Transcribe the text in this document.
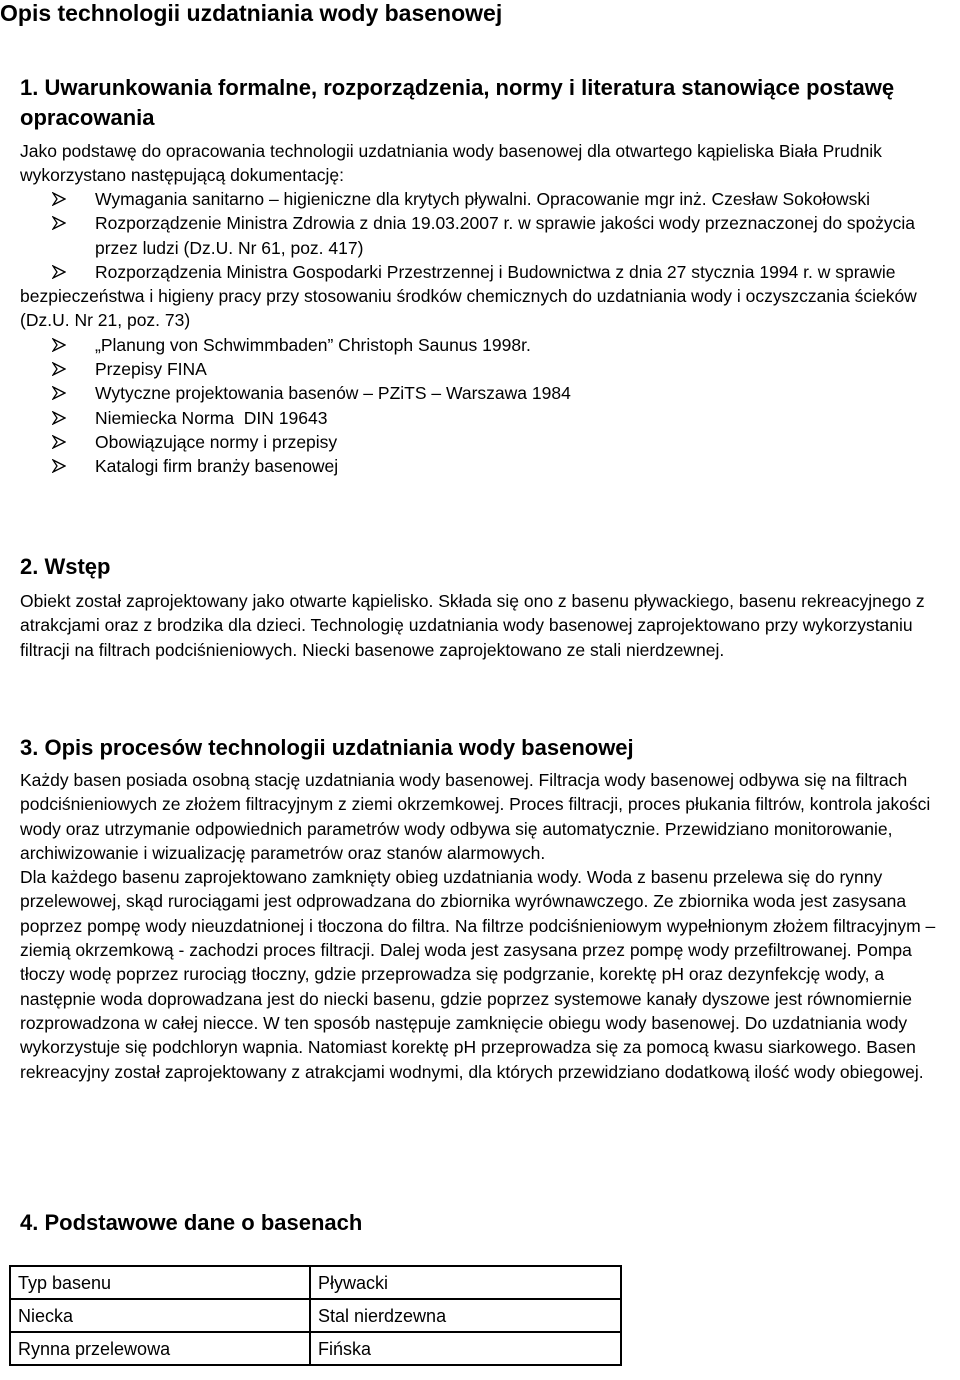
Opis technologii uzdatniania wody basenowej
1. Uwarunkowania formalne, rozporządzenia, normy i literatura stanowiące postawę opracowania

Jako podstawę do opracowania technologii uzdatniania wody basenowej dla otwartego kąpieliska Biała Prudnik wykorzystano następującą dokumentację:

Wymagania sanitarno – higieniczne dla krytych pływalni. Opracowanie mgr inż. Czesław Sokołowski
Rozporządzenie Ministra Zdrowia z dnia 19.03.2007 r. w sprawie jakości wody przeznaczonej do spożycia przez ludzi (Dz.U. Nr 61, poz. 417)
Rozporządzenia Ministra Gospodarki Przestrzennej i Budownictwa z dnia 27 stycznia 1994 r. w sprawie bezpieczeństwa i higieny pracy przy stosowaniu środków chemicznych do uzdatniania wody i oczyszczania ścieków (Dz.U. Nr 21, poz. 73)
„Planung von Schwimmbaden” Christoph Saunus 1998r.
Przepisy FINA
Wytyczne projektowania basenów – PZiTS – Warszawa 1984
Niemiecka Norma  DIN 19643
Obowiązujące normy i przepisy
Katalogi firm branży basenowej
2. Wstęp

Obiekt został zaprojektowany jako otwarte kąpielisko. Składa się ono z basenu pływackiego, basenu rekreacyjnego z atrakcjami oraz z brodzika dla dzieci. Technologię uzdatniania wody basenowej zaprojektowano przy wykorzystaniu filtracji na filtrach podciśnieniowych. Niecki basenowe zaprojektowano ze stali nierdzewnej.

3. Opis procesów technologii uzdatniania wody basenowej

Każdy basen posiada osobną stację uzdatniania wody basenowej. Filtracja wody basenowej odbywa się na filtrach podciśnieniowych ze złożem filtracyjnym z ziemi okrzemkowej. Proces filtracji, proces płukania filtrów, kontrola jakości wody oraz utrzymanie odpowiednich parametrów wody odbywa się automatycznie. Przewidziano monitorowanie, archiwizowanie i wizualizację parametrów oraz stanów alarmowych.

Dla każdego basenu zaprojektowano zamknięty obieg uzdatniania wody. Woda z basenu przelewa się do rynny przelewowej, skąd rurociągami jest odprowadzana do zbiornika wyrównawczego. Ze zbiornika woda jest zasysana poprzez pompę wody nieuzdatnionej i tłoczona do filtra. Na filtrze podciśnieniowym wypełnionym złożem filtracyjnym – ziemią okrzemkową - zachodzi proces filtracji. Dalej woda jest zasysana przez pompę wody przefiltrowanej. Pompa tłoczy wodę poprzez rurociąg tłoczny, gdzie przeprowadza się podgrzanie, korektę pH oraz dezynfekcję wody, a następnie woda doprowadzana jest do niecki basenu, gdzie poprzez systemowe kanały dyszowe jest równomiernie rozprowadzona w całej niecce. W ten sposób następuje zamknięcie obiegu wody basenowej. Do uzdatniania wody wykorzystuje się podchloryn wapnia. Natomiast korektę pH przeprowadza się za pomocą kwasu siarkowego. Basen rekreacyjny został zaprojektowany z atrakcjami wodnymi, dla których przewidziano dodatkową ilość wody obiegowej.

4. Podstawowe dane o basenach
Typ basenu	Pływacki
Niecka	Stal nierdzewna
Rynna przelewowa	Fińska
